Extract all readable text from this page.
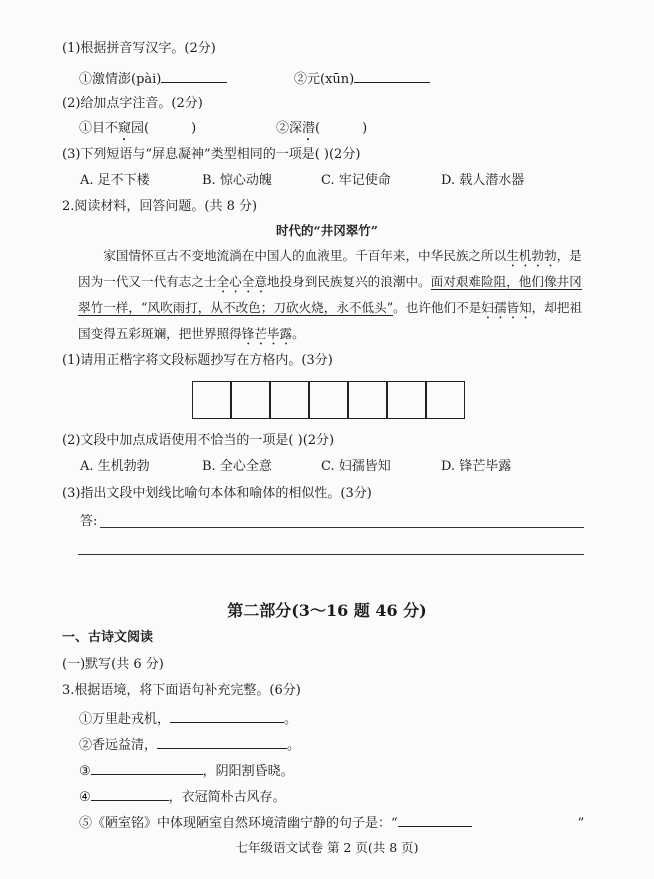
(1)根据拼音写汉字。(2分)
①激情澎(pài)	②元(xūn)
(2)给加点字注音。(2分)
①目不窥园(	)	②深潜(	)
(3)下列短语与“屏息凝神”类型相同的一项是( )(2分)
A. 足不下楼	B. 惊心动魄	C. 牢记使命	D. 载人潜水器
2.阅读材料，回答问题。(共 8 分)
时代的“井冈翠竹”
家国情怀亘古不变地流淌在中国人的血液里。千百年来，中华民族之所以生机勃勃，是因为一代又一代有志之士全心全意地投身到民族复兴的浪潮中。面对艰难险阻，他们像井冈翠竹一样，“风吹雨打，从不改色；刀砍火烧，永不低头”。也许他们不是妇孺皆知，却把祖国变得五彩斑斓，把世界照得锋芒毕露。
(1)请用正楷字将文段标题抄写在方格内。(3分)
(2)文段中加点成语使用不恰当的一项是( )(2分)
A. 生机勃勃	B. 全心全意	C. 妇孺皆知	D. 锋芒毕露
(3)指出文段中划线比喻句本体和喻体的相似性。(3分)
答:
第二部分(3～16 题 46 分)
一、古诗文阅读
(一)默写(共 6 分)
3.根据语境，将下面语句补充完整。(6分)
①万里赴戎机，	。
②香远益清，	。
③	，阴阳割昏晓。
④	，衣冠简朴古风存。
⑤《陋室铭》中体现陋室自然环境清幽宁静的句子是：“	”
七年级语文试卷 第 2 页(共 8 页)
